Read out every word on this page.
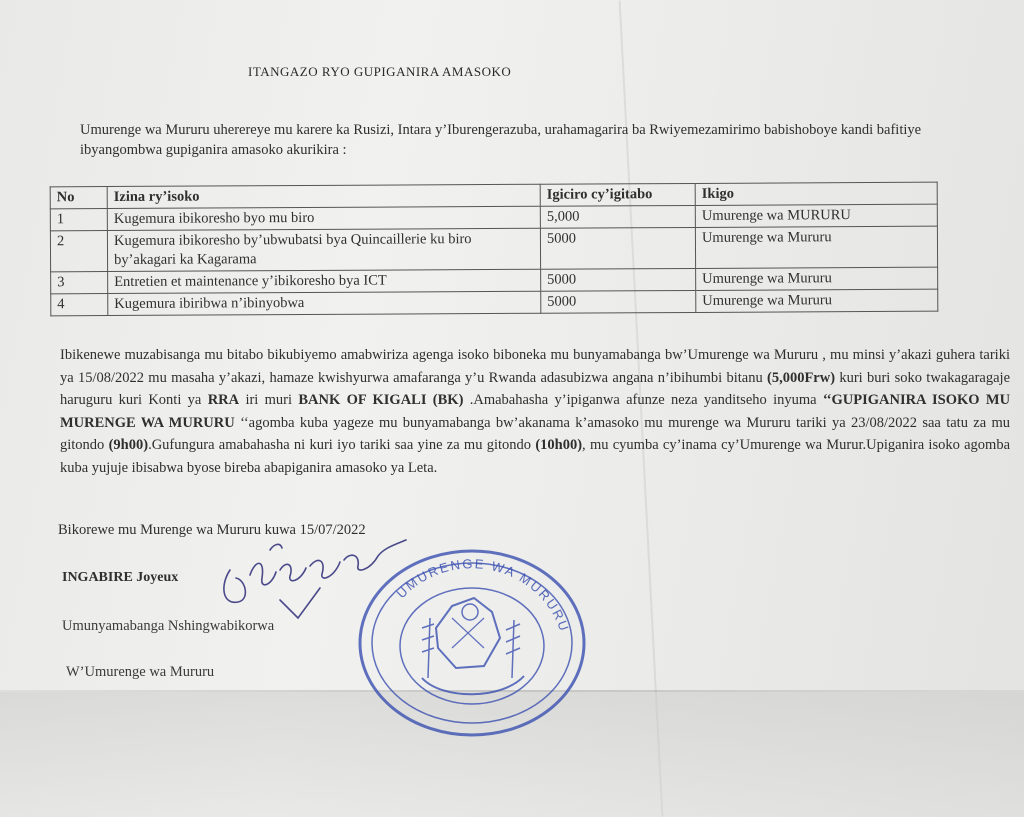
ITANGAZO RYO GUPIGANIRA AMASOKO
Umurenge wa Mururu uherereye mu karere ka Rusizi, Intara y’Iburengerazuba, urahamagarira ba Rwiyemezamirimo babishoboye kandi bafitiye ibyangombwa gupiganira amasoko akurikira :
No	Izina ry’isoko	Igiciro cy’igitabo	Ikigo
1	Kugemura ibikoresho byo mu biro	5,000	Umurenge wa MURURU
2	Kugemura ibikoresho by’ubwubatsi bya Quincaillerie ku biro by’akagari ka Kagarama	5000	Umurenge wa Mururu
3	Entretien et maintenance y’ibikoresho bya ICT	5000	Umurenge wa Mururu
4	Kugemura ibiribwa n’ibinyobwa	5000	Umurenge wa Mururu
Ibikenewe muzabisanga mu bitabo bikubiyemo amabwiriza agenga isoko biboneka mu bunyamabanga bw’Umurenge wa Mururu , mu minsi y’akazi guhera tariki ya 15/08/2022 mu masaha y’akazi, hamaze kwishyurwa amafaranga y’u Rwanda adasubizwa angana n’ibihumbi bitanu (5,000Frw) kuri buri soko twakagaragaje haruguru kuri Konti ya RRA iri muri BANK OF KIGALI (BK) .Amabahasha y’ipiganwa afunze neza yanditseho inyuma ‘‘GUPIGANIRA ISOKO MU MURENGE WA MURURU ‘‘agomba kuba yageze mu bunyamabanga bw’akanama k’amasoko mu murenge wa Mururu tariki ya 23/08/2022 saa tatu za mu gitondo (9h00).Gufungura amabahasha ni kuri iyo tariki saa yine za mu gitondo (10h00), mu cyumba cy’inama cy’Umurenge wa Murur.Upiganira isoko agomba kuba yujuje ibisabwa byose bireba abapiganira amasoko ya Leta.
Bikorewe mu Murenge wa Mururu kuwa 15/07/2022
INGABIRE Joyeux
Umunyamabanga Nshingwabikorwa
W’Umurenge wa Mururu
UMURENGE WA MURURU
